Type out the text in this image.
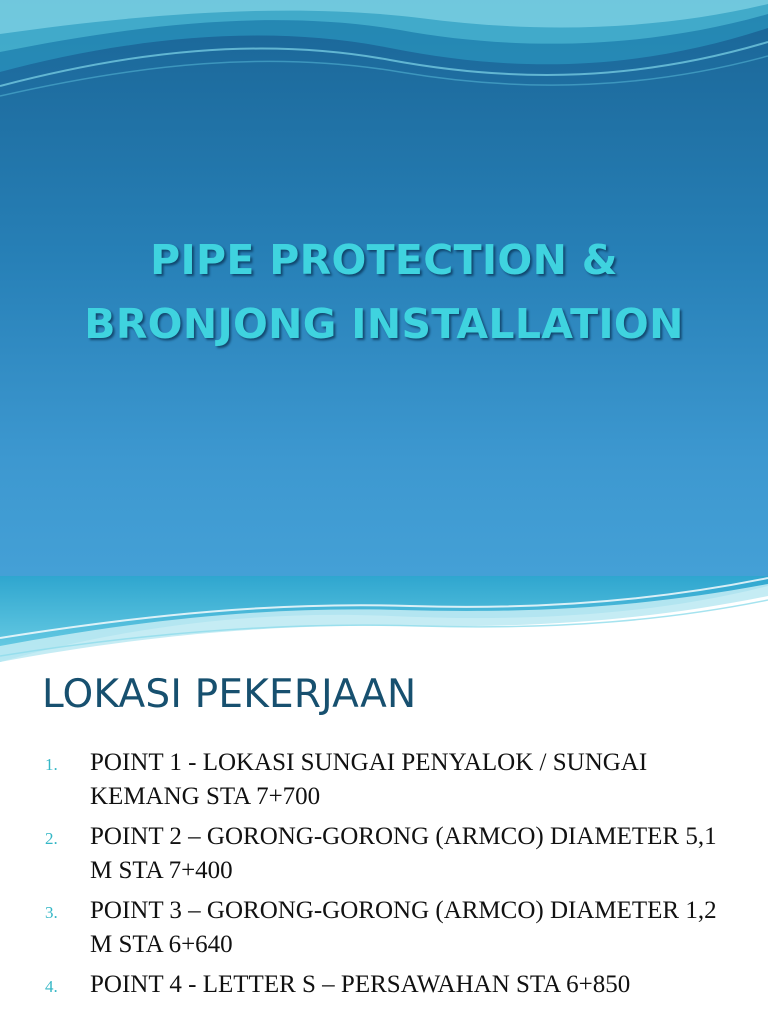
PIPE PROTECTION &
BRONJONG INSTALLATION
LOKASI PEKERJAAN
1. POINT 1 - LOKASI SUNGAI PENYALOK / SUNGAI KEMANG STA 7+700
2. POINT 2 – GORONG-GORONG (ARMCO) DIAMETER 5,1 M STA 7+400
3. POINT 3 – GORONG-GORONG (ARMCO) DIAMETER 1,2 M STA 6+640
4. POINT 4 - LETTER S – PERSAWAHAN STA 6+850
